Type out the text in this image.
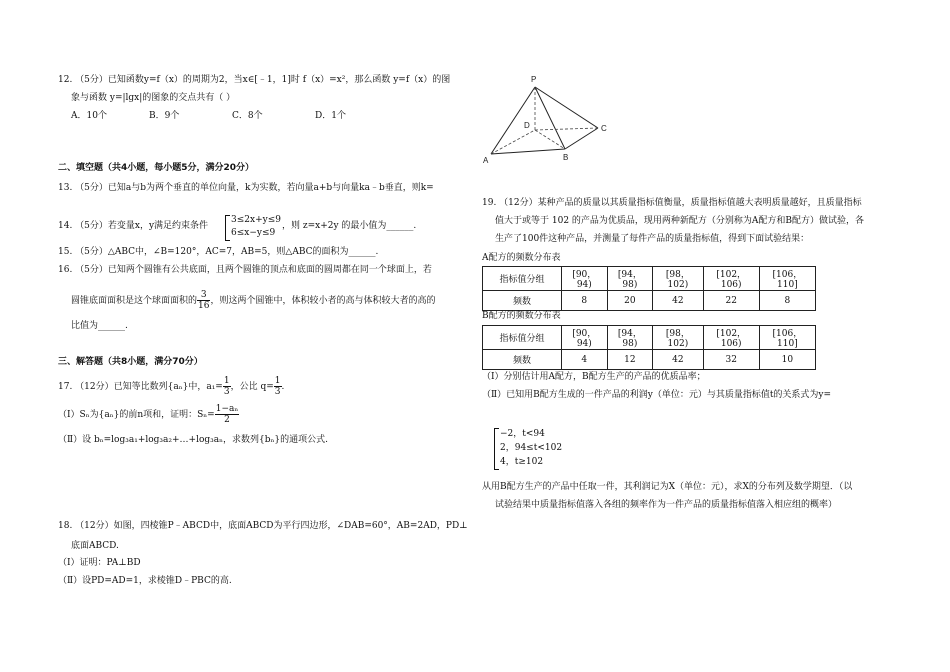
12. （5分）已知函数y=f（x）的周期为2，当x∈[﹣1，1]时 f（x）=x²，那么函数 y=f（x）的图
象与函数 y=|lgx|的图象的交点共有（ ）
A．10个	B．9个	C．8个	D．1个
二、填空题（共4小题，每小题5分，满分20分）
13. （5分）已知a与b为两个垂直的单位向量，k为实数，若向量a+b与向量ka﹣b垂直，则k=
14. （5分）若变量x，y满足约束条件
3≤2x+y≤9
6≤x−y≤9
，则 z=x+2y 的最小值为______.
15. （5分）△ABC中，∠B=120°，AC=7，AB=5，则△ABC的面积为______.
16. （5分）已知两个圆锥有公共底面，且两个圆锥的顶点和底面的圆周都在同一个球面上，若
圆锥底面面积是这个球面面积的 $\frac{3}{16}$ ，则这两个圆锥中，体积较小者的高与体积较大者的高的
比值为______.
三、解答题（共8小题，满分70分）
17. （12分）已知等比数列{aₙ}中，$a_1= \frac{1}{3}$ ，公比 $q= \frac{1}{3}$ .
（Ⅰ）Sₙ为{aₙ}的前n项和，证明：$S_n= \frac{\text{1−aₙ}}{2}$
（Ⅱ）设 bₙ=log₃a₁+log₃a₂+…+log₃aₙ，求数列{bₙ}的通项公式.
18. （12分）如图，四棱锥P﹣ABCD中，底面ABCD为平行四边形，∠DAB=60°，AB=2AD，PD⊥
底面ABCD.
（Ⅰ）证明：PA⊥BD
（Ⅱ）设PD=AD=1，求棱锥D﹣PBC的高.
P
D	C
A	B
19. （12分）某种产品的质量以其质量指标值衡量，质量指标值越大表明质量越好，且质量指标
值大于或等于 102 的产品为优质品，现用两种新配方（分别称为A配方和B配方）做试验，各
生产了100件这种产品，并测量了每件产品的质量指标值，得到下面试验结果：
A配方的频数分布表
指标值分组	[90，94)	[94，98)	[98，102)	[102，106)	[106，110]
频数	8	20	42	22	8
B配方的频数分布表
指标值分组	[90，94)	[94，98)	[98，102)	[102，106)	[106，110]
频数	4	12	42	32	10
（Ⅰ）分别估计用A配方，B配方生产的产品的优质品率；
（Ⅱ）已知用B配方生成的一件产品的利润y（单位：元）与其质量指标值t的关系式为y=
−2，t<94
2，94≤t<102
4，t≥102
从用B配方生产的产品中任取一件，其利润记为X（单位：元），求X的分布列及数学期望．（以
试验结果中质量指标值落入各组的频率作为一件产品的质量指标值落入相应组的概率）
